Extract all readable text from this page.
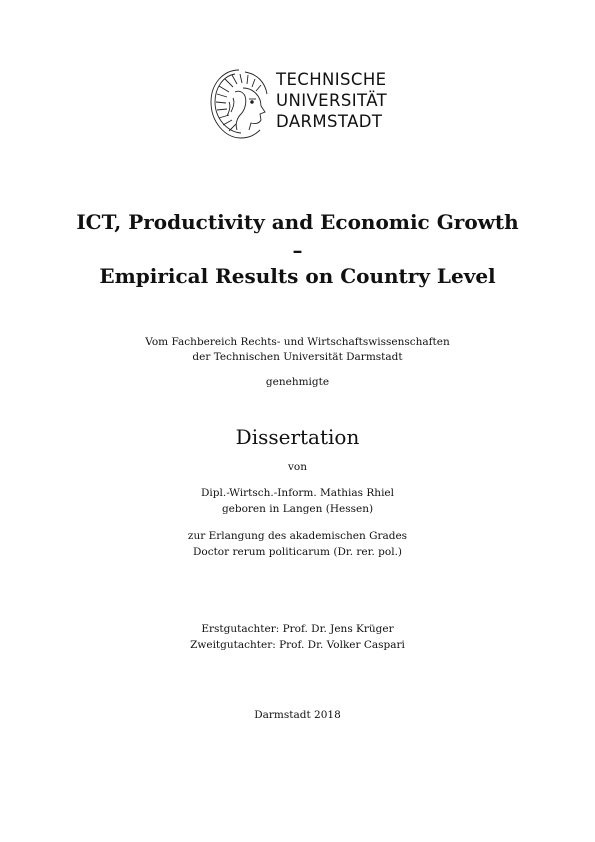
TECHNISCHE
UNIVERSITÄT
DARMSTADT
ICT, Productivity and Economic Growth
–
Empirical Results on Country Level
Vom Fachbereich Rechts- und Wirtschaftswissenschaften
der Technischen Universität Darmstadt
genehmigte
Dissertation
von
Dipl.-Wirtsch.-Inform. Mathias Rhiel
geboren in Langen (Hessen)
zur Erlangung des akademischen Grades
Doctor rerum politicarum (Dr. rer. pol.)
Erstgutachter: Prof. Dr. Jens Krüger
Zweitgutachter: Prof. Dr. Volker Caspari
Darmstadt 2018
